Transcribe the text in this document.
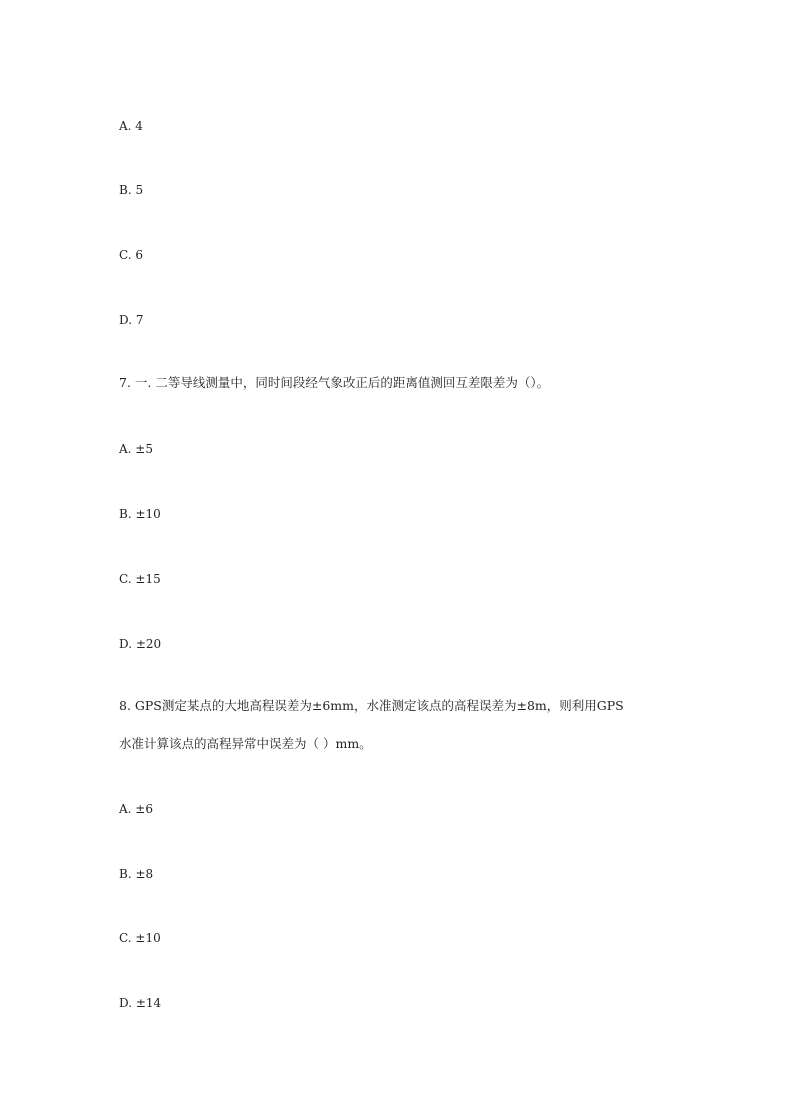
A. 4
B. 5
C. 6
D. 7
7. 一. 二等导线测量中，同时间段经气象改正后的距离值测回互差限差为（）。
A. ±5
B. ±10
C. ±15
D. ±20
8. GPS测定某点的大地高程误差为±6mm，水准测定该点的高程误差为±8m，则利用GPS
水准计算该点的高程异常中误差为（ ）mm。
A. ±6
B. ±8
C. ±10
D. ±14
